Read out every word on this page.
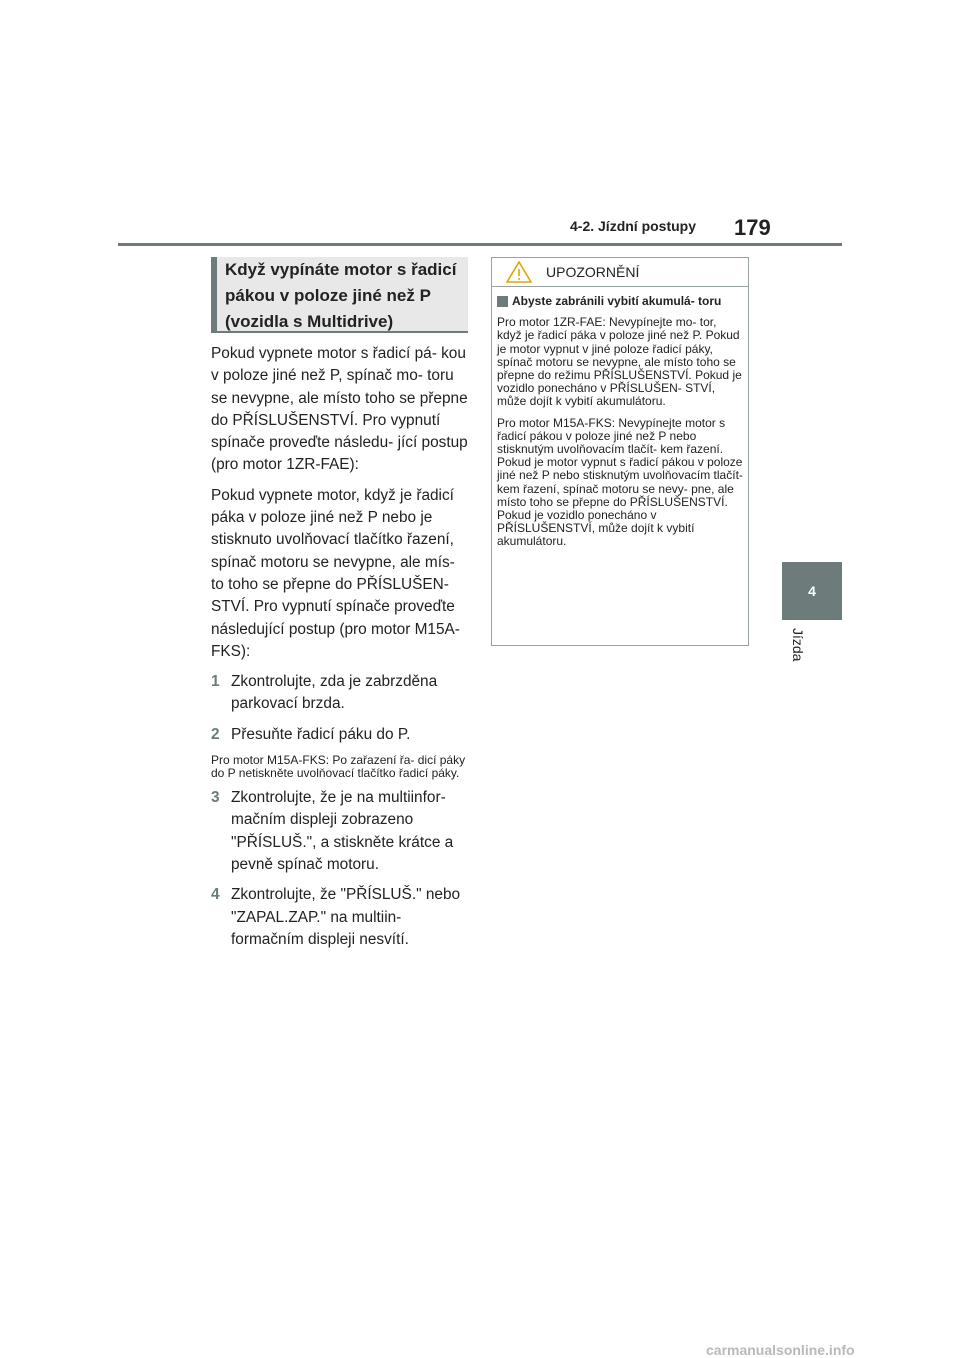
4-2. Jízdní postupy 179
4
Jízda
Když vypínáte motor s řadicí pákou v poloze jiné než P (vozidla s Multidrive)

Pokud vypnete motor s řadicí pá- kou v poloze jiné než P, spínač mo- toru se nevypne, ale místo toho se přepne do PŘÍSLUŠENSTVÍ. Pro vypnutí spínače proveďte následu- jící postup (pro motor 1ZR-FAE):

Pokud vypnete motor, když je řadicí páka v poloze jiné než P nebo je stisknuto uvolňovací tlačítko řazení, spínač motoru se nevypne, ale mís- to toho se přepne do PŘÍSLUŠEN- STVÍ. Pro vypnutí spínače proveďte následující postup (pro motor M15A-FKS):

1 Zkontrolujte, zda je zabrzděna parkovací brzda.
2 Přesuňte řadicí páku do P.

Pro motor M15A-FKS: Po zařazení řa- dicí páky do P netiskněte uvolňovací tlačítko řadicí páky.

3 Zkontrolujte, že je na multiinfor- mačním displeji zobrazeno "PŘÍSLUŠ.", a stiskněte krátce a pevně spínač motoru.
4 Zkontrolujte, že "PŘÍSLUŠ." nebo "ZAPAL.ZAP." na multiin- formačním displeji nesvítí.
UPOZORNĚNÍ
Abyste zabránili vybití akumulá- toru

Pro motor 1ZR-FAE: Nevypínejte mo- tor, když je řadicí páka v poloze jiné než P. Pokud je motor vypnut v jiné poloze řadicí páky, spínač motoru se nevypne, ale místo toho se přepne do režimu PŘÍSLUŠENSTVÍ. Pokud je vozidlo ponecháno v PŘÍSLUŠEN- STVÍ, může dojít k vybití akumulátoru.

Pro motor M15A-FKS: Nevypínejte motor s řadicí pákou v poloze jiné než P nebo stisknutým uvolňovacím tlačít- kem řazení. Pokud je motor vypnut s řadicí pákou v poloze jiné než P nebo stisknutým uvolňovacím tlačít- kem řazení, spínač motoru se nevy- pne, ale místo toho se přepne do PŘÍSLUŠENSTVÍ. Pokud je vozidlo ponecháno v PŘÍSLUŠENSTVÍ, může dojít k vybití akumulátoru.

carmanualsonline.info
